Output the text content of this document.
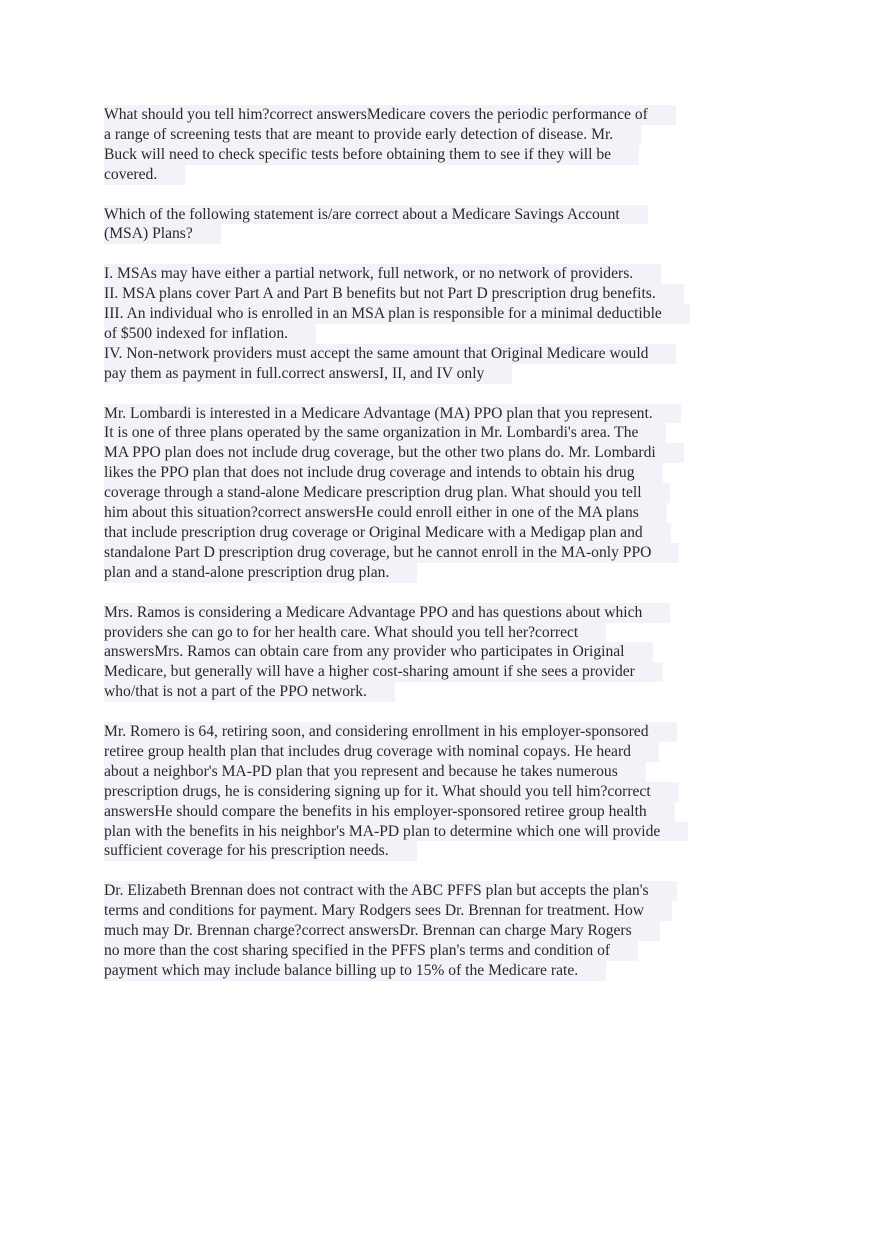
What should you tell him?correct answersMedicare covers the periodic performance of
a range of screening tests that are meant to provide early detection of disease. Mr.
Buck will need to check specific tests before obtaining them to see if they will be
covered.
Which of the following statement is/are correct about a Medicare Savings Account
(MSA) Plans?
I. MSAs may have either a partial network, full network, or no network of providers.
II. MSA plans cover Part A and Part B benefits but not Part D prescription drug benefits.
III. An individual who is enrolled in an MSA plan is responsible for a minimal deductible
of $500 indexed for inflation.
IV. Non-network providers must accept the same amount that Original Medicare would
pay them as payment in full.correct answersI, II, and IV only
Mr. Lombardi is interested in a Medicare Advantage (MA) PPO plan that you represent.
It is one of three plans operated by the same organization in Mr. Lombardi's area. The
MA PPO plan does not include drug coverage, but the other two plans do. Mr. Lombardi
likes the PPO plan that does not include drug coverage and intends to obtain his drug
coverage through a stand-alone Medicare prescription drug plan. What should you tell
him about this situation?correct answersHe could enroll either in one of the MA plans
that include prescription drug coverage or Original Medicare with a Medigap plan and
standalone Part D prescription drug coverage, but he cannot enroll in the MA-only PPO
plan and a stand-alone prescription drug plan.
Mrs. Ramos is considering a Medicare Advantage PPO and has questions about which
providers she can go to for her health care. What should you tell her?correct
answersMrs. Ramos can obtain care from any provider who participates in Original
Medicare, but generally will have a higher cost-sharing amount if she sees a provider
who/that is not a part of the PPO network.
Mr. Romero is 64, retiring soon, and considering enrollment in his employer-sponsored
retiree group health plan that includes drug coverage with nominal copays. He heard
about a neighbor's MA-PD plan that you represent and because he takes numerous
prescription drugs, he is considering signing up for it. What should you tell him?correct
answersHe should compare the benefits in his employer-sponsored retiree group health
plan with the benefits in his neighbor's MA-PD plan to determine which one will provide
sufficient coverage for his prescription needs.
Dr. Elizabeth Brennan does not contract with the ABC PFFS plan but accepts the plan's
terms and conditions for payment. Mary Rodgers sees Dr. Brennan for treatment. How
much may Dr. Brennan charge?correct answersDr. Brennan can charge Mary Rogers
no more than the cost sharing specified in the PFFS plan's terms and condition of
payment which may include balance billing up to 15% of the Medicare rate.
